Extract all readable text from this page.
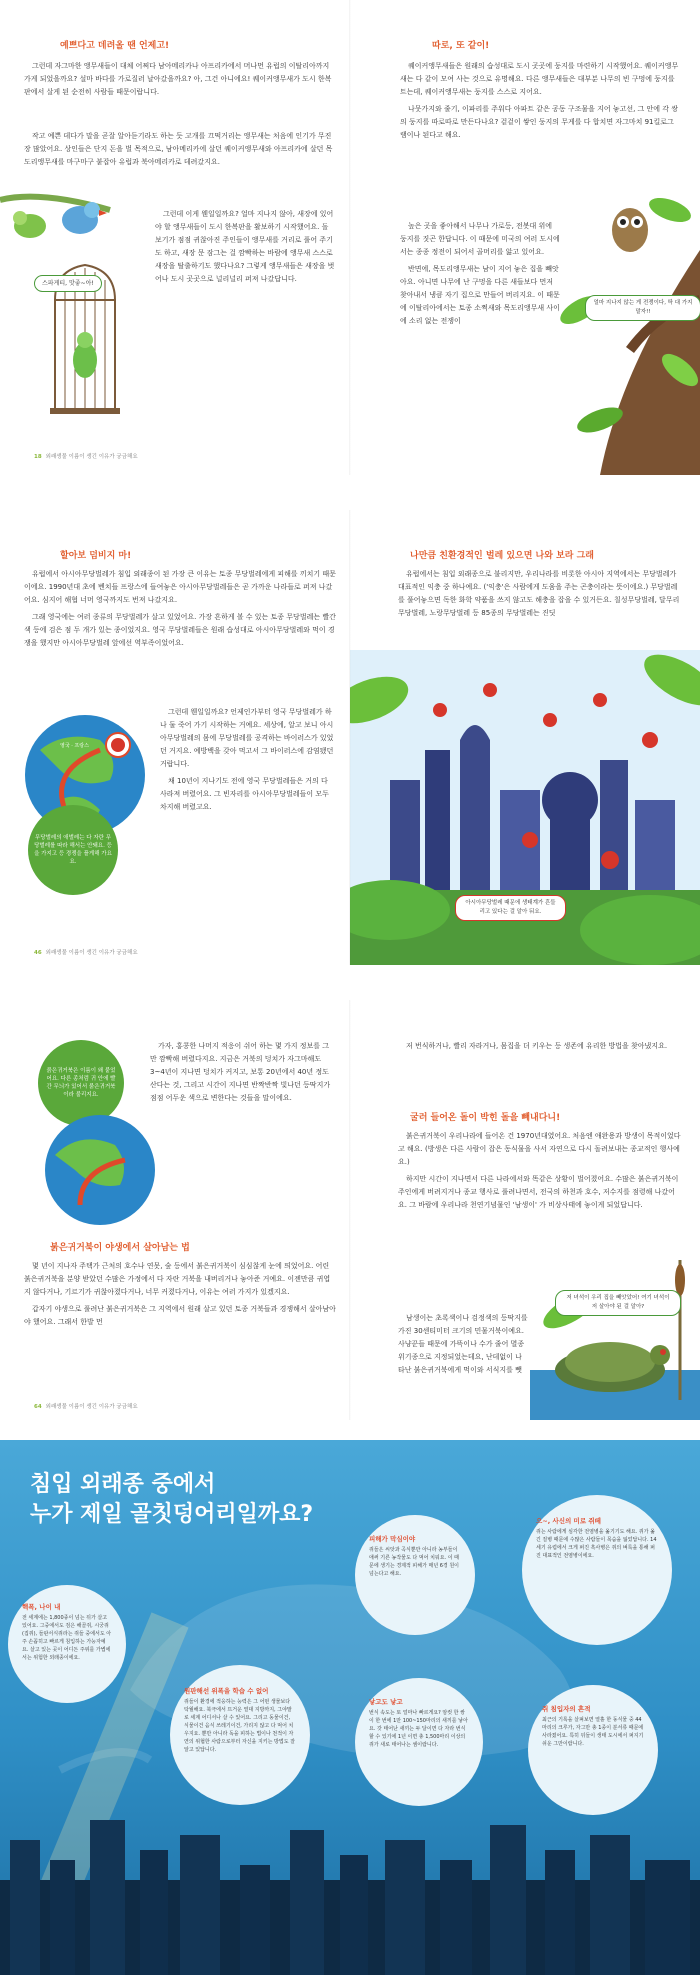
예쁘다고 데려올 땐 언제고!

그런데 자그마한 앵무새들이 대체 어쩌다 남아메리카나 아프리카에서 머나먼 유럽의 이탈리아까지 가게 되었을까요? 설마 바다를 가로질러 날아갔을까요? 아, 그건 아니에요! 퀘이커앵무새가 도시 한복판에서 살게 된 순전히 사람들 때문이랍니다.

작고 예쁜 데다가 말을 곧잘 알아듣기라도 하는 듯 고개를 끄떡거리는 앵무새는 처음에 인기가 무진장 많았어요. 상인들은 단지 돈을 벌 목적으로, 남아메리카에 살던 퀘이커앵무새와 아프리카에 살던 목도리앵무새를 마구마구 붙잡아 유럽과 북아메리카로 데려갔지요.

그런데 이게 웬일일까요? 얼마 지나지 않아, 새장에 있어야 할 앵무새들이 도시 한복판을 활보하기 시작했어요. 돌보기가 점점 귀찮아진 주인들이 앵무새를 거리로 풀어 주기도 하고, 새장 문 잠그는 걸 깜빡하는 바람에 앵무새 스스로 새장을 탈출하기도 했다나요? 그렇게 앵무새들은 새장을 벗어나 도시 곳곳으로 널리널리 퍼져 나갔답니다.

스파게티, 맛좋~아!
18 외래생물 이름이 생긴 이유가 궁금해요
따로, 또 같이!

퀘이커앵무새들은 원래의 습성대로 도시 곳곳에 둥지를 마련하기 시작했어요. 퀘이커앵무새는 다 같이 모여 사는 것으로 유명해요. 다른 앵무새들은 대부분 나무의 빈 구멍에 둥지를 트는데, 퀘이커앵무새는 둥지를 스스로 지어요.

나뭇가지와 줄기, 이파리를 주워다 아파트 같은 공동 구조물을 지어 놓고선, 그 안에 각 쌍의 둥지를 따로따로 만든다나요? 겉겉이 쌓인 둥지의 무게를 다 합치면 자그마치 91킬로그램이나 된다고 해요.

높은 곳을 좋아해서 나무나 가로등, 전봇대 위에 둥지를 짓곤 한답니다. 이 때문에 미국의 여러 도시에서는 종종 정전이 되어서 골머리를 앓고 있어요.

반면에, 목도리앵무새는 남이 지어 놓은 집을 빼앗아요. 아니면 나무에 난 구멍을 다른 새들보다 먼저 찾아내서 냉큼 자기 집으로 만들어 버리지요. 이 때문에 이탈리아에서는 토종 소쩍새와 목도리앵무새 사이에 소리 없는 전쟁이

얼마 지나지 않는 게 전쟁이다, 딱 대 가지 말자!!
할아보 덤비지 마!

유럽에서 아시아무당벌레가 침입 외래종이 된 가장 큰 이유는 토종 무당벌레에게 피해를 끼치기 때문이에요. 1990년대 초에 벤치들 프랑스에 들여놓은 아시아무당벌레들은 곧 가까운 나라들로 퍼져 나갔어요. 심지어 해협 너머 영국까지도 번져 나갔지요.

그래 영국에는 여러 종류의 무당벌레가 살고 있었어요. 가장 흔하게 볼 수 있는 토종 무당벌레는 빨간색 등에 검은 점 두 개가 있는 종이었지요. 영국 무당벌레들은 원래 습성대로 아시아무당벌레와 먹이 경쟁을 했지만 아시아무당벌레 앞에선 역부족이었어요.

그런데 웬일일까요? 언제인가부터 영국 무당벌레가 하나 둘 죽어 가기 시작하는 거예요. 세상에, 알고 보니 아시아무당벌레의 몸에 무당벌레를 공격하는 바이러스가 있었던 거지요. 예방백을 갖아 먹고서 그 바이러스에 감염됐던 거랍니다.

채 10년이 지나기도 전에 영국 무당벌레들은 거의 다 사라져 버렸어요. 그 빈자리를 아시아무당벌레들이 모두 차지해 버렸고요.

영국 · 프랑스
무당벌레의 애벌레는 다 자란 무당벌레를 따라 해서는 안돼요. 등을 가지고 등 경쟁을 플게해 가요요.
46 외래생물 이름이 생긴 이유가 궁금해요
나만큼 친환경적인 벌레 있으면 나와 보라 그래

유럽에서는 침입 외래종으로 불리지만, 우리나라를 비롯한 아시아 지역에서는 무당벌레가 대표적인 익충 중 하나예요. ('익충'은 사람에게 도움을 주는 곤충이라는 뜻이에요.) 무당벌레를 풀어놓으면 독한 화학 약품을 쓰지 않고도 해충을 잡을 수 있거든요. 칠성무당벌레, 달무리무당벌레, 노랑무당벌레 등 85종의 무당벌레는 진딧

아시아무당벌레 때문에 생태계가 흔들리고 있다는 걸 알아 둬요.
붉은귀거북은 이름이 왜 붙었어요. 다른 종처럼 귀 안에 빨간 무늬가 있어서 붉은귀거북이라 불리지요.

가자, 홍콩한 나머지 적응이 쉬어 하는 몇 가지 정보를 그만 깜빡해 버렸다지요. 지금은 거북의 덩치가 자그마해도 3~4년이 지나면 덩치가 커지고, 보통 20년에서 40년 정도 산다는 것, 그리고 시간이 지나면 반짝반짝 빛나던 등딱지가 점점 어두운 색으로 변한다는 것들을 말이에요.

붉은귀거북이 야생에서 살아남는 법

몇 년이 지나자 주택가 근처의 호수나 연못, 숲 등에서 붉은귀거북이 심심찮게 눈에 띄었어요. 어린 붉은귀거북을 분양 받았던 수많은 가정에서 다 자란 거북을 내버리거나 놓아준 거예요. 이젠만큼 귀엽지 않다거나, 기르기가 귀찮아졌다거나, 너무 커졌다거나, 이유는 여러 가지가 있겠지요.

갑자기 야생으로 풀려난 붉은귀거북은 그 지역에서 원래 살고 있던 토종 거북들과 경쟁해서 살아남아야 했어요. 그래서 한발 먼

64 외래생물 이름이 생긴 이유가 궁금해요

저 번식하거나, 빨리 자라거나, 몸집을 더 키우는 등 생존에 유리한 방법을 찾아냈지요.

굴러 들어온 돌이 박힌 돌을 빼내다니!

붉은귀거북이 우리나라에 들어온 건 1970년대였어요. 처음엔 애완용과 방생이 목적이었다고 해요. (방생은 다른 사람이 잡은 동식물을 사서 자연으로 다시 돌려보내는 종교적인 행사예요.)

하지만 시간이 지나면서 다른 나라에서와 똑같은 상황이 벌어졌어요. 수많은 붉은귀거북이 주인에게 버려지거나 종교 행사로 풀려나면서, 전국의 하천과 호수, 저수지를 점령해 나갔어요. 그 바람에 우리나라 천연기념물인 '남생이' 가 비상사태에 놓이게 되었답니다.

남생이는 초록색이나 검정색의 등딱지를 가진 30센티미터 크기의 민물거북이예요. 사냥꾼들 때문에 가뜩이나 수가 줄어 멸종 위기종으로 지정되었는데요, 난데없이 나타난 붉은귀거북에게 먹이와 서식지를 뺏

저 녀석이 우리 집을 빼앗았어! 여기 녀석이 저 살아야 된 걸 알아?
침입 외래종 중에서
누가 제일 골칫덩어리일까요?
핵폭, 나이 내
전 세계에는 1,800종이 넘는 뒤가 살고 있어요. 그중에서도 검은 해골쥐, 시궁쥐(집쥐), 들판서식쥐라는 쥐들 중에서도 아주 손꼽히고 빠르게 침입하는 가능자예요. 살고 있는 곳이 어디든 주위를 가볍에서는 위험한 외래종이에요.
원판해선 위폭을 학습 수 없어
쥐들이 환경에 적응하는 능력은 그 어떤 생물보다 탁월해요. 북극에서 뜨거운 열대 지방까지, 그야말로 세계 어디서나 살 수 있어요. 그리고 동물이건, 식물이건 음식 쓰레기이건, 가리지 않고 다 먹어 치우지요. 뿐만 아니라 독을 피하는 법이나 천적이 자연의 위협한 사람으로부터 자신을 지키는 방법도 잘 알고 있답니다.
피해가 막심이야
쥐들은 씨앗과 곡식뿐만 아니라 농부들이 애써 기른 농작물도 다 먹어 치워요. 이 때문에 생기는 경제적 피해가 매년 6경 원이 넘는다고 해요.
낳고도 낳고
번식 속도는 또 얼마나 빠르게요? 암컷 한 쌍이 한 번에 1만 100~150마리의 새끼를 낳아요. 갓 태어난 새끼는 두 달이면 다 자라 번식할 수 있기에 1년 이면 총 1,500마리 이상의 쥐가 새로 태어나는 셈이랍니다.
으~, 사신의 미로 쥐떼
쥐는 사람에게 심각한 전염병을 옮기기도 해요. 쥐가 옮긴 질병 때문에 수많은 사람들이 목숨을 잃었답니다. 14세기 유럽에서 크게 퍼진 흑사병은 쥐의 벼룩을 통해 퍼진 대표적인 전염병이에요.
쥐 침입자의 흔적
최근의 기록을 살펴보면 열흘 한 동식물 중 44마리의 크루가, 자그만 총 1종이 분서류 때문에 사라졌어요. 특히 뒤들이 생태 도시에서 퍼지기 쉬운 그만이랍니다.
